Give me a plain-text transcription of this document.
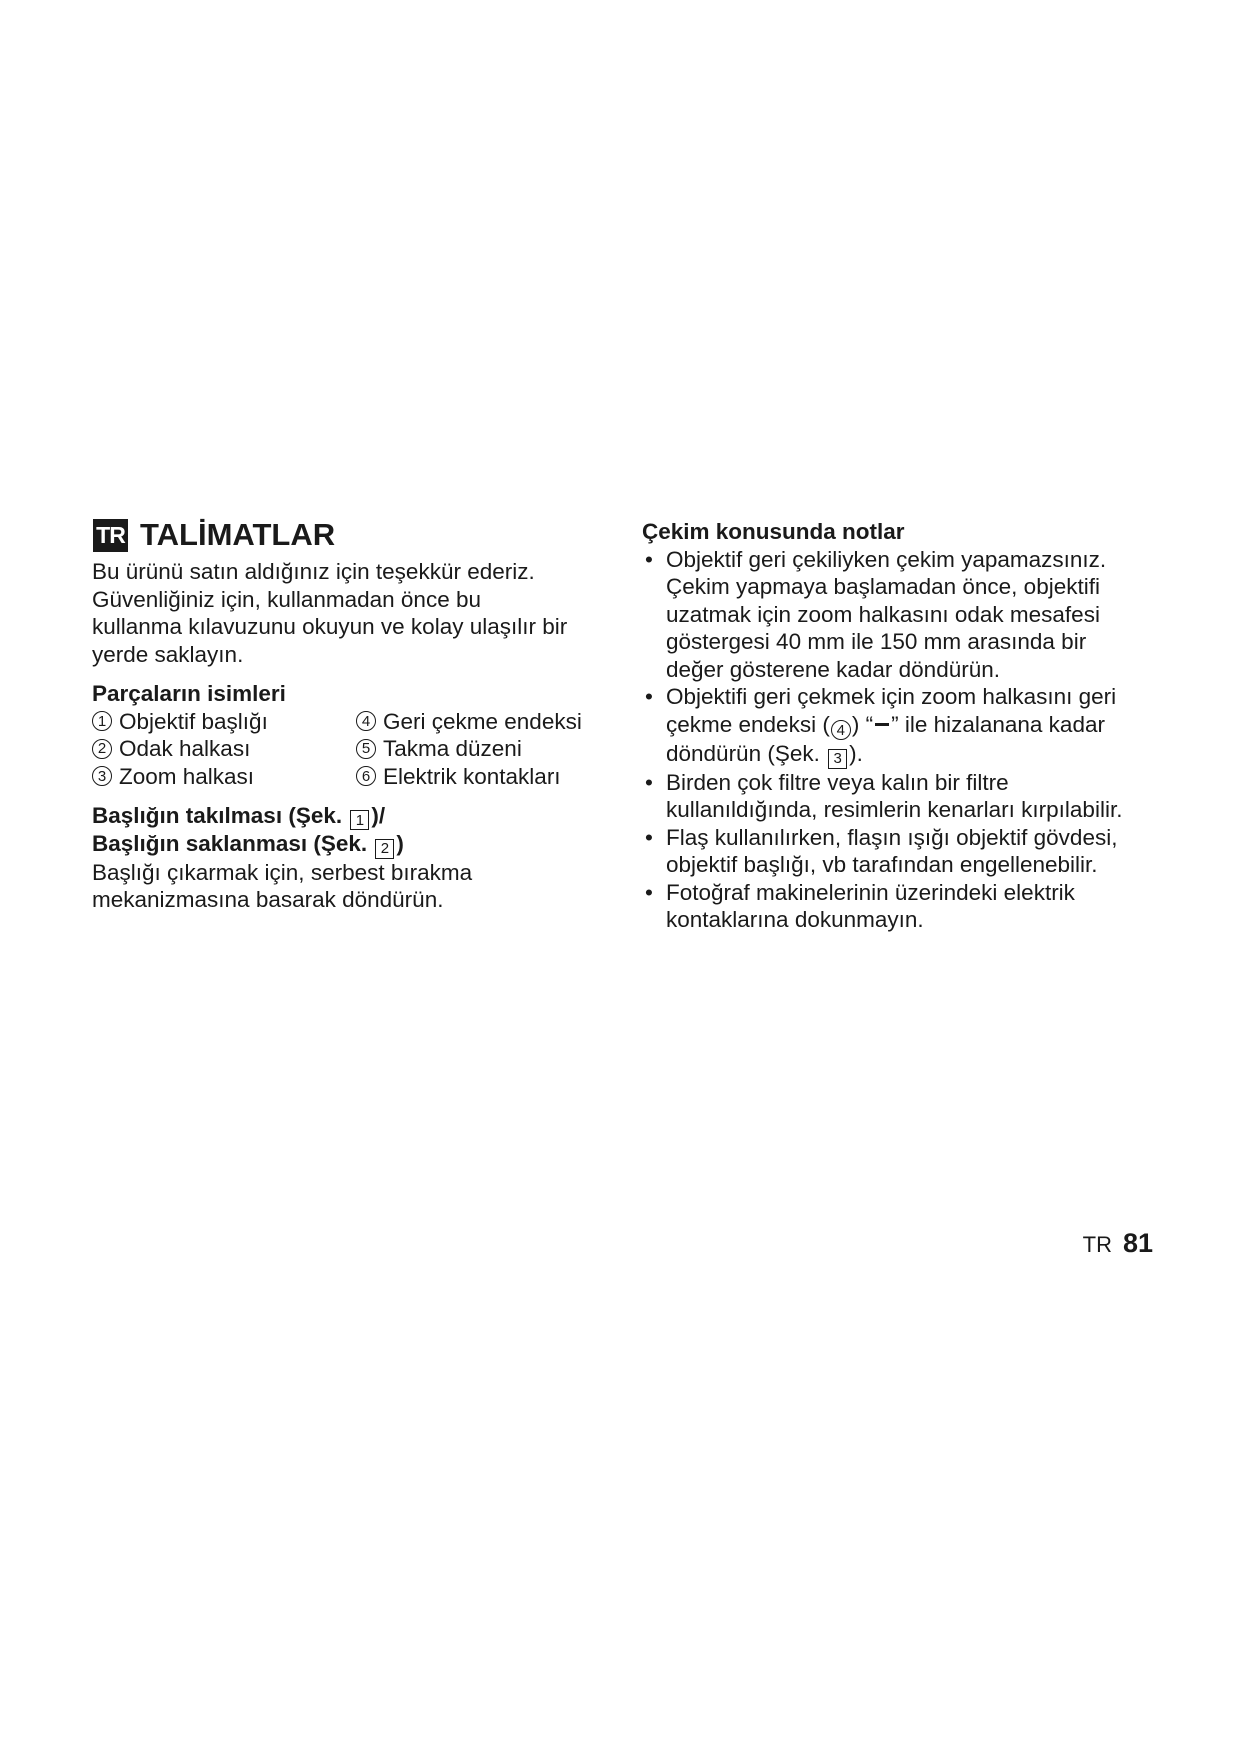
TR TALİMATLAR

Bu ürünü satın aldığınız için teşekkür ederiz.

Güvenliğiniz için, kullanmadan önce bu

kullanma kılavuzunu okuyun ve kolay ulaşılır bir

yerde saklayın.

Parçaların isimleri

1 Objektif başlığı
2 Odak halkası
3 Zoom halkası
4 Geri çekme endeksi
5 Takma düzeni
6 Elektrik kontakları

Başlığın takılması (Şek. 1 )/

Başlığın saklanması (Şek. 2 )

Başlığı çıkarmak için, serbest bırakma

mekanizmasına basarak döndürün.

Çekim konusunda notlar

• Objektif geri çekiliyken çekim yapamazsınız.
Çekim yapmaya başlamadan önce, objektifi
uzatmak için zoom halkasını odak mesafesi
göstergesi 40 mm ile 150 mm arasında bir
değer gösterene kadar döndürün.
• Objektifi geri çekmek için zoom halkasını geri
çekme endeksi ( 4 ) “ ” ile hizalanana kadar
döndürün (Şek. 3 ).
• Birden çok filtre veya kalın bir filtre
kullanıldığında, resimlerin kenarları kırpılabilir.
• Flaş kullanılırken, flaşın ışığı objektif gövdesi,
objektif başlığı, vb tarafından engellenebilir.
• Fotoğraf makinelerinin üzerindeki elektrik
kontaklarına dokunmayın.
TR 81
